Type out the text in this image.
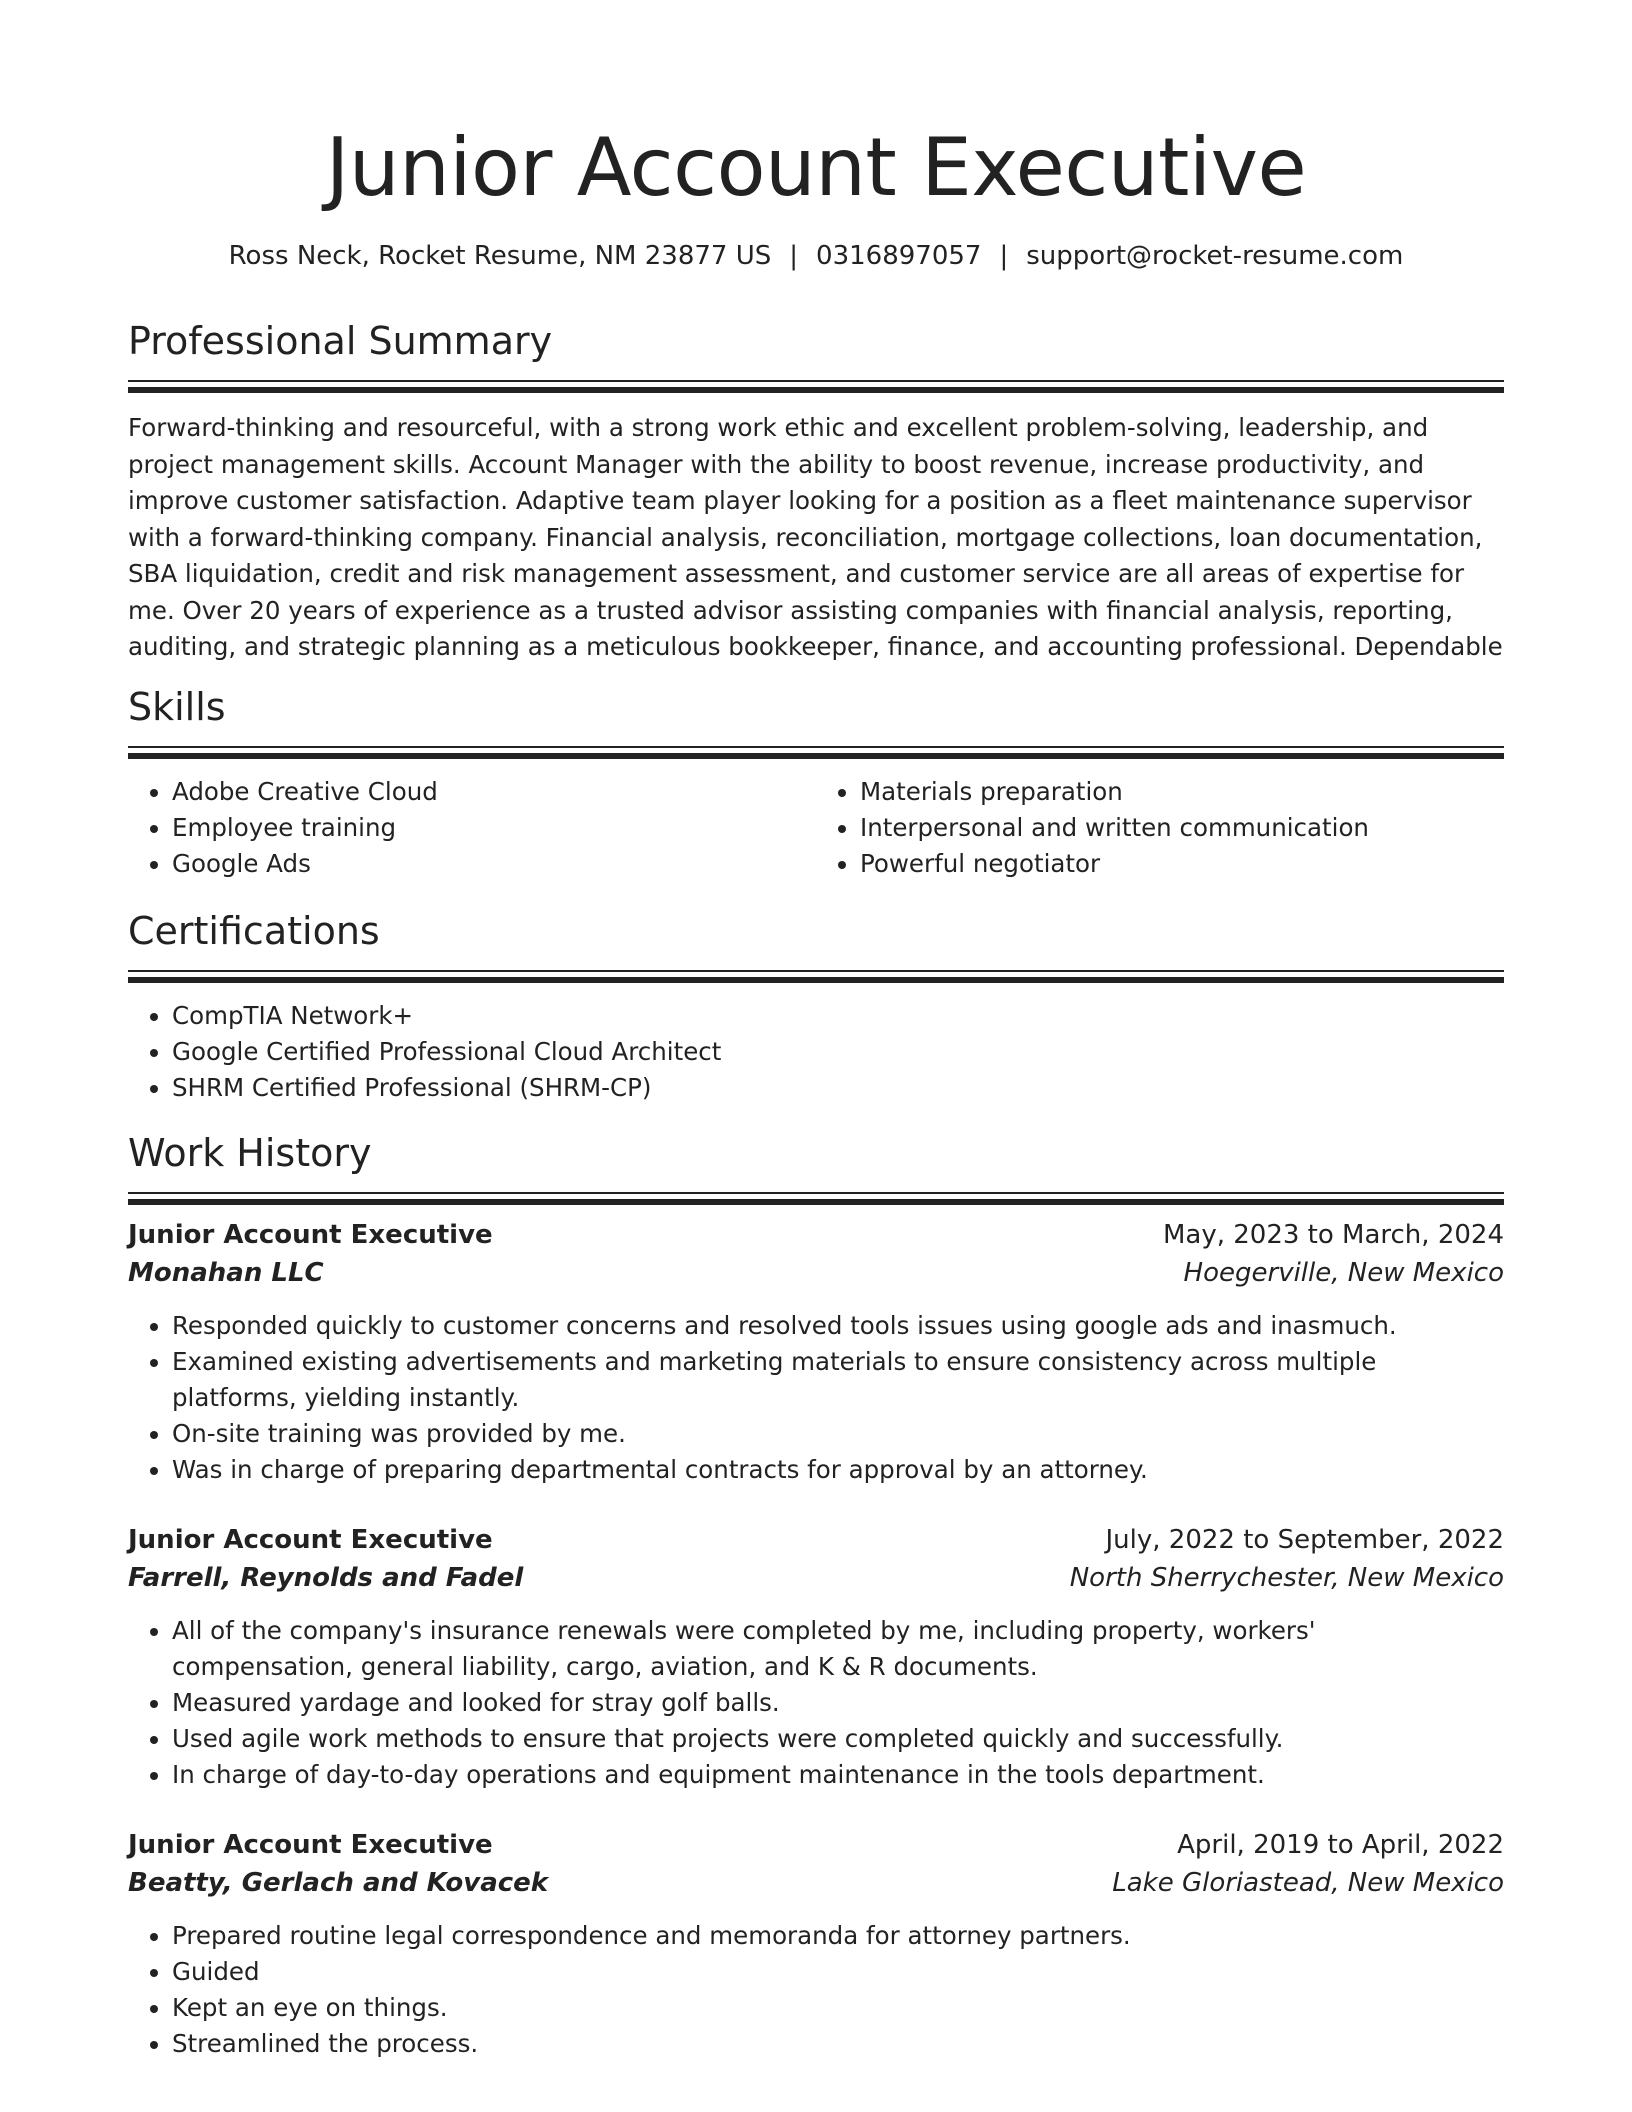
Junior Account Executive
Ross Neck, Rocket Resume, NM 23877 US | 0316897057 | support@rocket-resume.com
Professional Summary

Forward-thinking and resourceful, with a strong work ethic and excellent problem-solving, leadership, and project management skills. Account Manager with the ability to boost revenue, increase productivity, and improve customer satisfaction. Adaptive team player looking for a position as a fleet maintenance supervisor with a forward-thinking company. Financial analysis, reconciliation, mortgage collections, loan documentation, SBA liquidation, credit and risk management assessment, and customer service are all areas of expertise for me. Over 20 years of experience as a trusted advisor assisting companies with financial analysis, reporting, auditing, and strategic planning as a meticulous bookkeeper, finance, and accounting professional. Dependable

Skills
• Adobe Creative Cloud
• Employee training
• Google Ads
• Materials preparation
• Interpersonal and written communication
• Powerful negotiator
Certifications
• CompTIA Network+
• Google Certified Professional Cloud Architect
• SHRM Certified Professional (SHRM-CP)
Work History
Junior Account Executive	May, 2023 to March, 2024
Monahan LLC	Hoegerville, New Mexico
• Responded quickly to customer concerns and resolved tools issues using google ads and inasmuch.
• Examined existing advertisements and marketing materials to ensure consistency across multiple platforms, yielding instantly.
• On-site training was provided by me.
• Was in charge of preparing departmental contracts for approval by an attorney.
Junior Account Executive	July, 2022 to September, 2022
Farrell, Reynolds and Fadel	North Sherrychester, New Mexico
• All of the company's insurance renewals were completed by me, including property, workers' compensation, general liability, cargo, aviation, and K & R documents.
• Measured yardage and looked for stray golf balls.
• Used agile work methods to ensure that projects were completed quickly and successfully.
• In charge of day-to-day operations and equipment maintenance in the tools department.
Junior Account Executive	April, 2019 to April, 2022
Beatty, Gerlach and Kovacek	Lake Gloriastead, New Mexico
• Prepared routine legal correspondence and memoranda for attorney partners.
• Guided
• Kept an eye on things.
• Streamlined the process.
